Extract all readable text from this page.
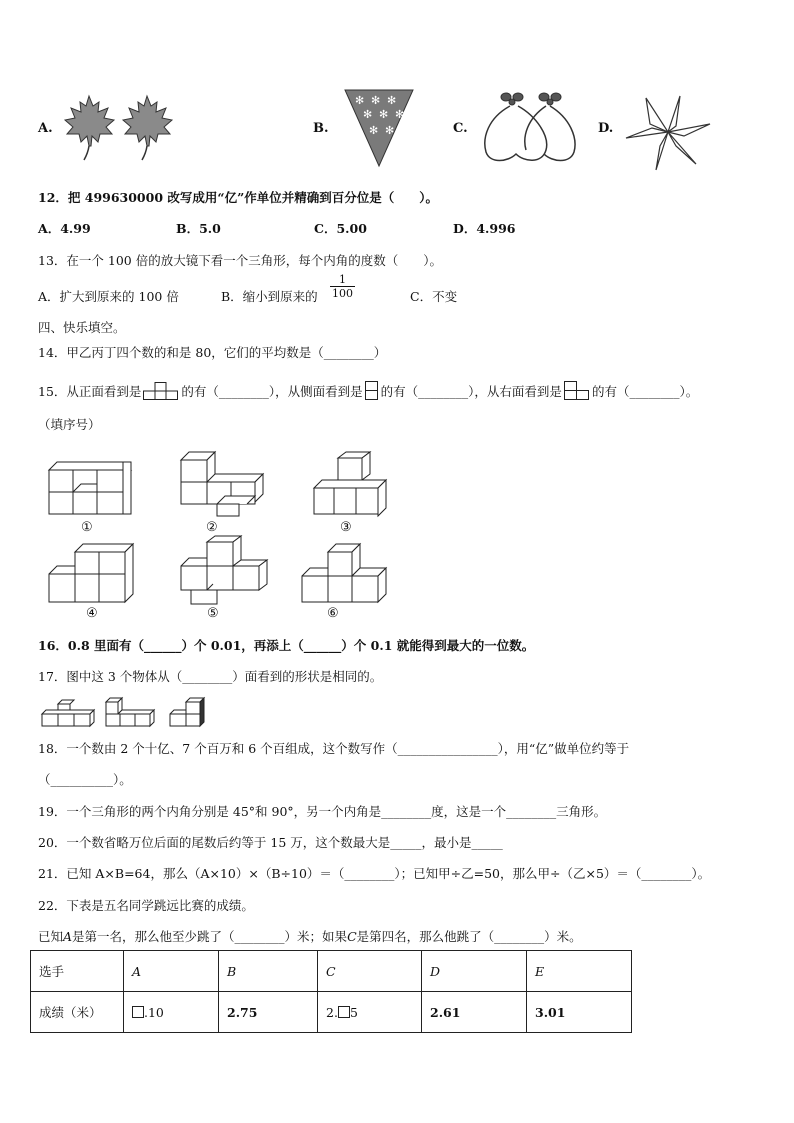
A.	B.
✻ ✻ ✻
✻ ✻ ✻
✻ ✻	C.	D.
12．把 499630000 改写成用“亿”作单位并精确到百分位是（　　）。
A．4.99	B．5.0	C．5.00	D．4.996
13．在一个 100 倍的放大镜下看一个三角形，每个内角的度数（　　）。
A．扩大到原来的 100 倍	B．缩小到原来的 $\frac{1}{100}$	C．不变
四、快乐填空。
14．甲乙丙丁四个数的和是 80，它们的平均数是（________）
15．从正面看到是	的有（________），从侧面看到是 的有（________），从右面看到是 的有（________）。
（填序号）
①	②	③
④	⑤	⑥
16．0.8 里面有（______）个 0.01，再添上（______）个 0.1 就能得到最大的一位数。
17．图中这 3 个物体从（________）面看到的形状是相同的。
18．一个数由 2 个十亿、7 个百万和 6 个百组成，这个数写作（________________），用“亿”做单位约等于
（__________）。
19．一个三角形的两个内角分别是 45°和 90°，另一个内角是________度，这是一个________三角形。
20．一个数省略万位后面的尾数后约等于 15 万，这个数最大是_____，最小是_____
21．已知 A×B=64，那么（A×10）×（B÷10）＝（________）；已知甲÷乙=50，那么甲÷（乙×5）＝（________）。
22．下表是五名同学跳远比赛的成绩。
已知A是第一名，那么他至少跳了（________）米；如果C是第四名，那么他跳了（________）米。
选手	A	B	C	D	E
成绩（米）	.10	2.75	2. 5	2.61	3.01
